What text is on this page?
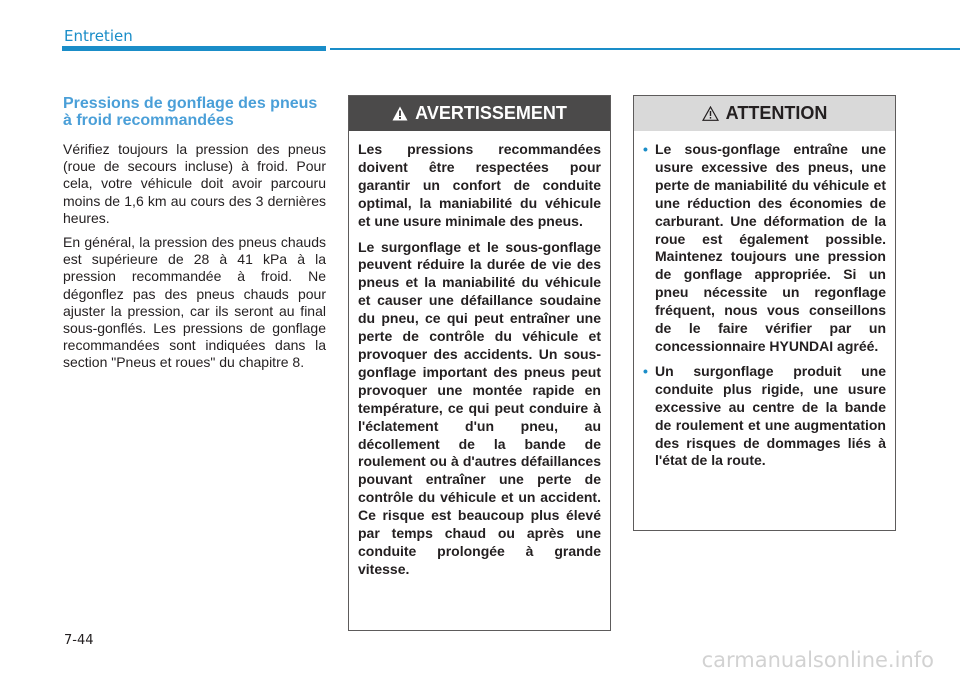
Entretien
Pressions de gonflage des pneus à froid recommandées

Vérifiez toujours la pression des pneus (roue de secours incluse) à froid. Pour cela, votre véhicule doit avoir parcouru moins de 1,6 km au cours des 3 dernières heures.

En général, la pression des pneus chauds est supérieure de 28 à 41 kPa à la pression recommandée à froid. Ne dégonflez pas des pneus chauds pour ajuster la pression, car ils seront au final sous-gonflés. Les pressions de gonflage recommandées sont indiquées dans la section "Pneus et roues" du chapitre 8.

AVERTISSEMENT

Les pressions recommandées doivent être respectées pour garantir un confort de conduite optimal, la maniabilité du véhicule et une usure minimale des pneus.

Le surgonflage et le sous-gonflage peuvent réduire la durée de vie des pneus et la maniabilité du véhicule et causer une défaillance soudaine du pneu, ce qui peut entraîner une perte de contrôle du véhicule et provoquer des accidents. Un sous-gonflage important des pneus peut provoquer une montée rapide en température, ce qui peut conduire à l'éclatement d'un pneu, au décollement de la bande de roulement ou à d'autres défaillances pouvant entraîner une perte de contrôle du véhicule et un accident. Ce risque est beaucoup plus élevé par temps chaud ou après une conduite prolongée à grande vitesse.

ATTENTION
• Le sous-gonflage entraîne une usure excessive des pneus, une perte de maniabilité du véhicule et une réduction des économies de carburant. Une déformation de la roue est également possible. Maintenez toujours une pression de gonflage appropriée. Si un pneu nécessite un regonflage fréquent, nous vous conseillons de le faire vérifier par un concessionnaire HYUNDAI agréé.
• Un surgonflage produit une conduite plus rigide, une usure excessive au centre de la bande de roulement et une augmentation des risques de dommages liés à l'état de la route.
7-44
carmanualsonline.info
